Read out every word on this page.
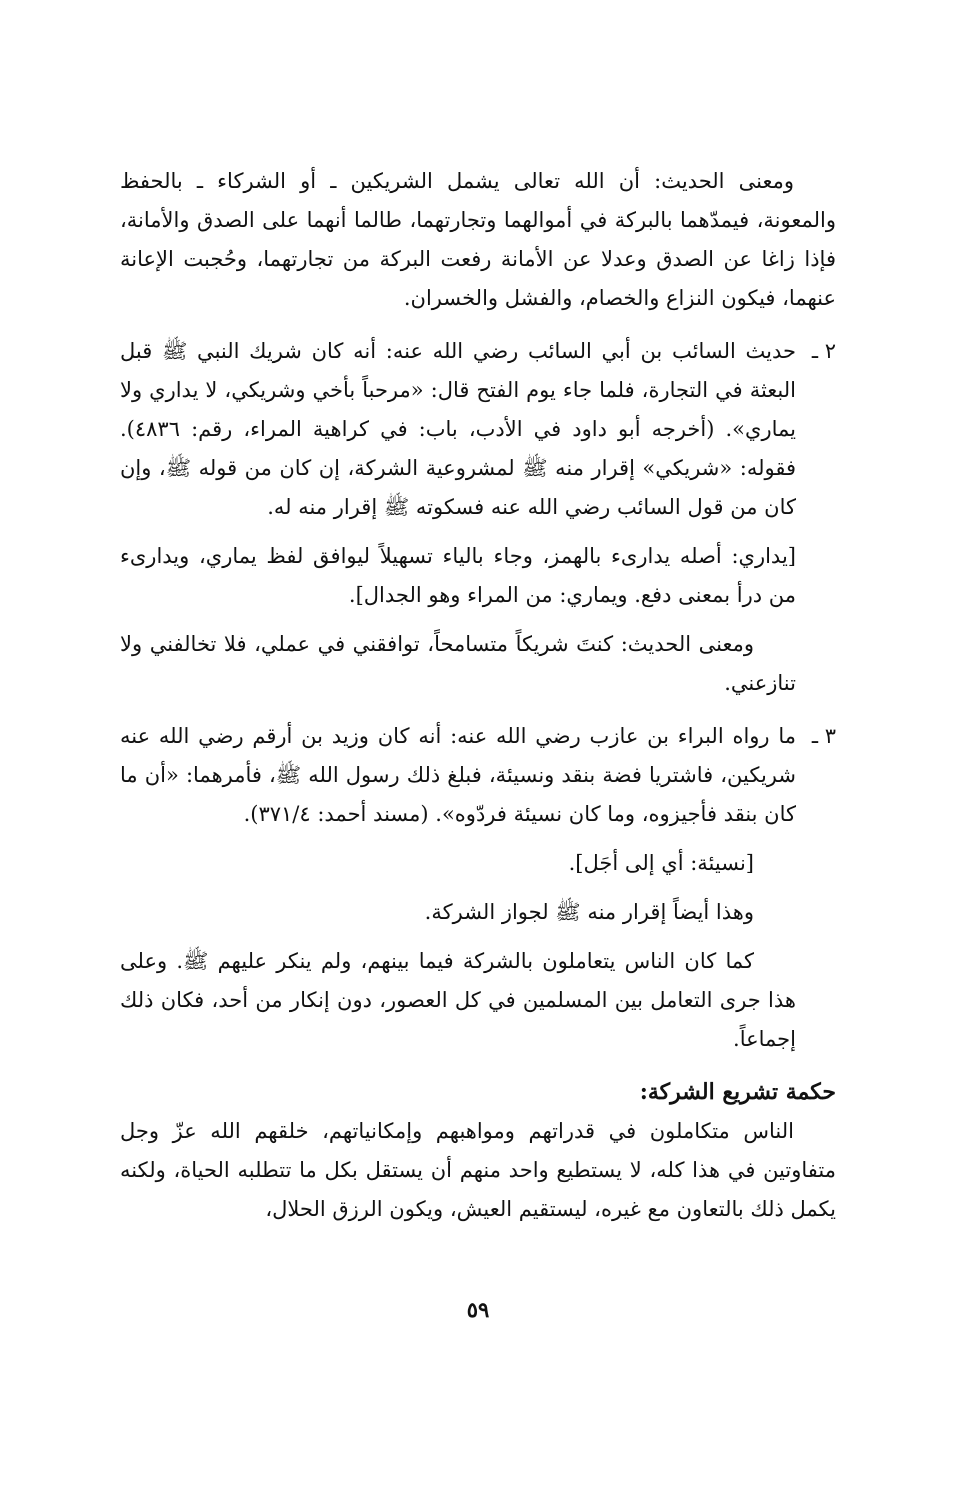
ومعنى الحديث: أن الله تعالى يشمل الشريكين ـ أو الشركاء ـ بالحفظ والمعونة، فيمدّهما بالبركة في أموالهما وتجارتهما، طالما أنهما على الصدق والأمانة، فإذا زاغا عن الصدق وعدلا عن الأمانة رفعت البركة من تجارتهما، وحُجبت الإعانة عنهما، فيكون النزاع والخصام، والفشل والخسران.

٢ ـ
حديث السائب بن أبي السائب رضي الله عنه: أنه كان شريك النبي ﷺ قبل البعثة في التجارة، فلما جاء يوم الفتح قال: «مرحباً بأخي وشريكي، لا يداري ولا يماري». (أخرجه أبو داود في الأدب، باب: في كراهية المراء، رقم: ٤٨٣٦). فقوله: «شريكي» إقرار منه ﷺ لمشروعية الشركة، إن كان من قوله ﷺ، وإن كان من قول السائب رضي الله عنه فسكوته ﷺ إقرار منه له.

[يداري: أصله يدارىء بالهمز، وجاء بالياء تسهيلاً ليوافق لفظ يماري، ويدارىء من درأ بمعنى دفع. ويماري: من المراء وهو الجدال].

ومعنى الحديث: كنتَ شريكاً متسامحاً، توافقني في عملي، فلا تخالفني ولا تنازعني.

٣ ـ
ما رواه البراء بن عازب رضي الله عنه: أنه كان وزيد بن أرقم رضي الله عنه شريكين، فاشتريا فضة بنقد ونسيئة، فبلغ ذلك رسول الله ﷺ، فأمرهما: «أن ما كان بنقد فأجيزوه، وما كان نسيئة فردّوه». (مسند أحمد: ٣٧١/٤).

[نسيئة: أي إلى أجَل].

وهذا أيضاً إقرار منه ﷺ لجواز الشركة.

كما كان الناس يتعاملون بالشركة فيما بينهم، ولم ينكر عليهم ﷺ. وعلى هذا جرى التعامل بين المسلمين في كل العصور، دون إنكار من أحد، فكان ذلك إجماعاً.

حكمة تشريع الشركة:

الناس متكاملون في قدراتهم ومواهبهم وإمكانياتهم، خلقهم الله عزّ وجل متفاوتين في هذا كله، لا يستطيع واحد منهم أن يستقل بكل ما تتطلبه الحياة، ولكنه يكمل ذلك بالتعاون مع غيره، ليستقيم العيش، ويكون الرزق الحلال،

٥٩
